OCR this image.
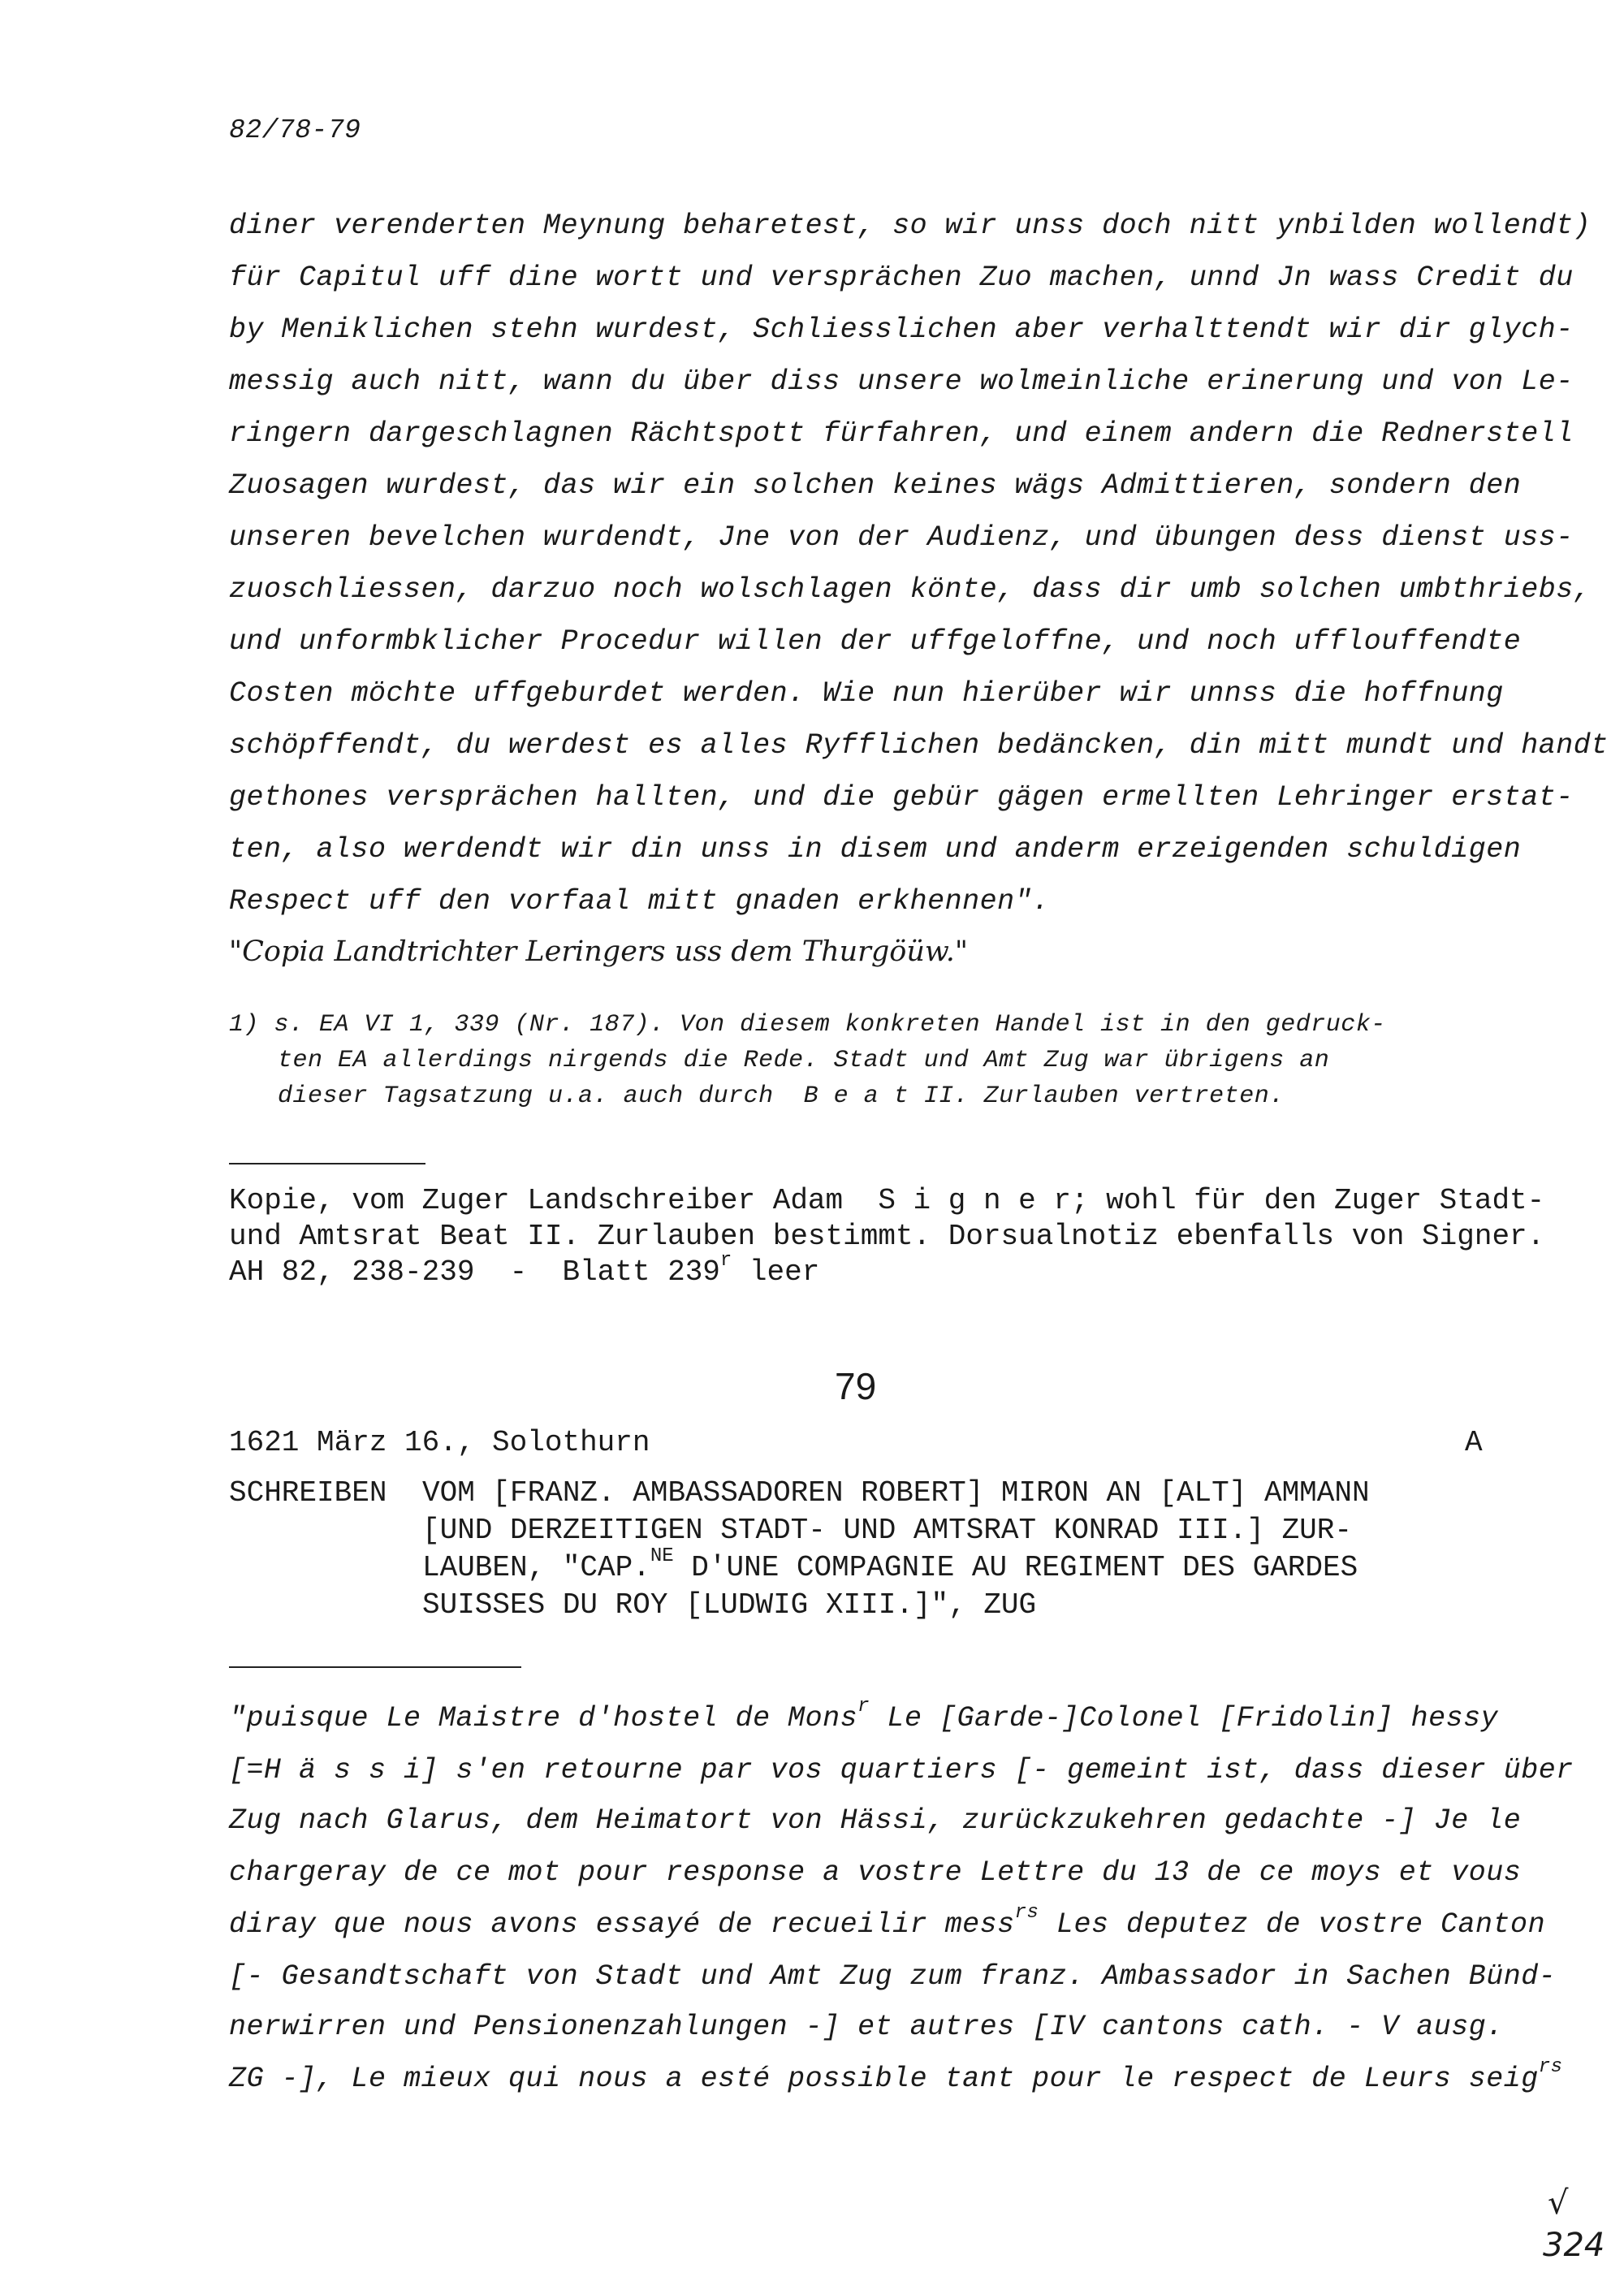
82/78-79
diner verenderten Meynung beharetest, so wir unss doch nitt ynbilden wollendt)
für Capitul uff dine wortt und versprächen Zuo machen, unnd Jn wass Credit du
by Meniklichen stehn wurdest, Schliesslichen aber verhalttendt wir dir glych-
messig auch nitt, wann du über diss unsere wolmeinliche erinerung und von Le-
ringern dargeschlagnen Rächtspott fürfahren, und einem andern die Rednerstell
Zuosagen wurdest, das wir ein solchen keines wägs Admittieren, sondern den
unseren bevelchen wurdendt, Jne von der Audienz, und übungen dess dienst uss-
zuoschliessen, darzuo noch wolschlagen könte, dass dir umb solchen umbthriebs,
und unformbklicher Procedur willen der uffgeloffne, und noch ufflouffendte
Costen möchte uffgeburdet werden. Wie nun hierüber wir unnss die hoffnung
schöpffendt, du werdest es alles Ryfflichen bedäncken, din mitt mundt und handt
gethones versprächen hallten, und die gebür gägen ermellten Lehringer erstat-
ten, also werdendt wir din unss in disem und anderm erzeigenden schuldigen
Respect uff den vorfaal mitt gnaden erkhennen".
"Copia Landtrichter Leringers uss dem Thurgöüw."
1) s. EA VI 1, 339 (Nr. 187). Von diesem konkreten Handel ist in den gedruck-
ten EA allerdings nirgends die Rede. Stadt und Amt Zug war übrigens an
dieser Tagsatzung u.a. auch durch  B e a t II. Zurlauben vertreten.
Kopie, vom Zuger Landschreiber Adam  S i g n e r; wohl für den Zuger Stadt-
und Amtsrat Beat II. Zurlauben bestimmt. Dorsualnotiz ebenfalls von Signer.
AH 82, 238-239  -  Blatt 239$^r$ leer
79
1621 März 16., Solothurn	A
SCHREIBEN VOM [FRANZ. AMBASSADOREN ROBERT] MIRON AN [ALT] AMMANN
[UND DERZEITIGEN STADT- UND AMTSRAT KONRAD III.] ZUR-
LAUBEN, "CAP.$^{NE}$ D'UNE COMPAGNIE AU REGIMENT DES GARDES
SUISSES DU ROY [LUDWIG XIII.]", ZUG
"puisque Le Maistre d'hostel de Mons$^r$ Le [Garde-]Colonel [Fridolin] hessy
[=H ä s s i] s'en retourne par vos quartiers [- gemeint ist, dass dieser über
Zug nach Glarus, dem Heimatort von Hässi, zurückzukehren gedachte -] Je le
chargeray de ce mot pour response a vostre Lettre du 13 de ce moys et vous
diray que nous avons essayé de recueilir mess$^{rs}$ Les deputez de vostre Canton
[- Gesandtschaft von Stadt und Amt Zug zum franz. Ambassador in Sachen Bünd-
nerwirren und Pensionenzahlungen -] et autres [IV cantons cath. - V ausg.
ZG -], Le mieux qui nous a esté possible tant pour le respect de Leurs seig$^{rs}$
√
324
